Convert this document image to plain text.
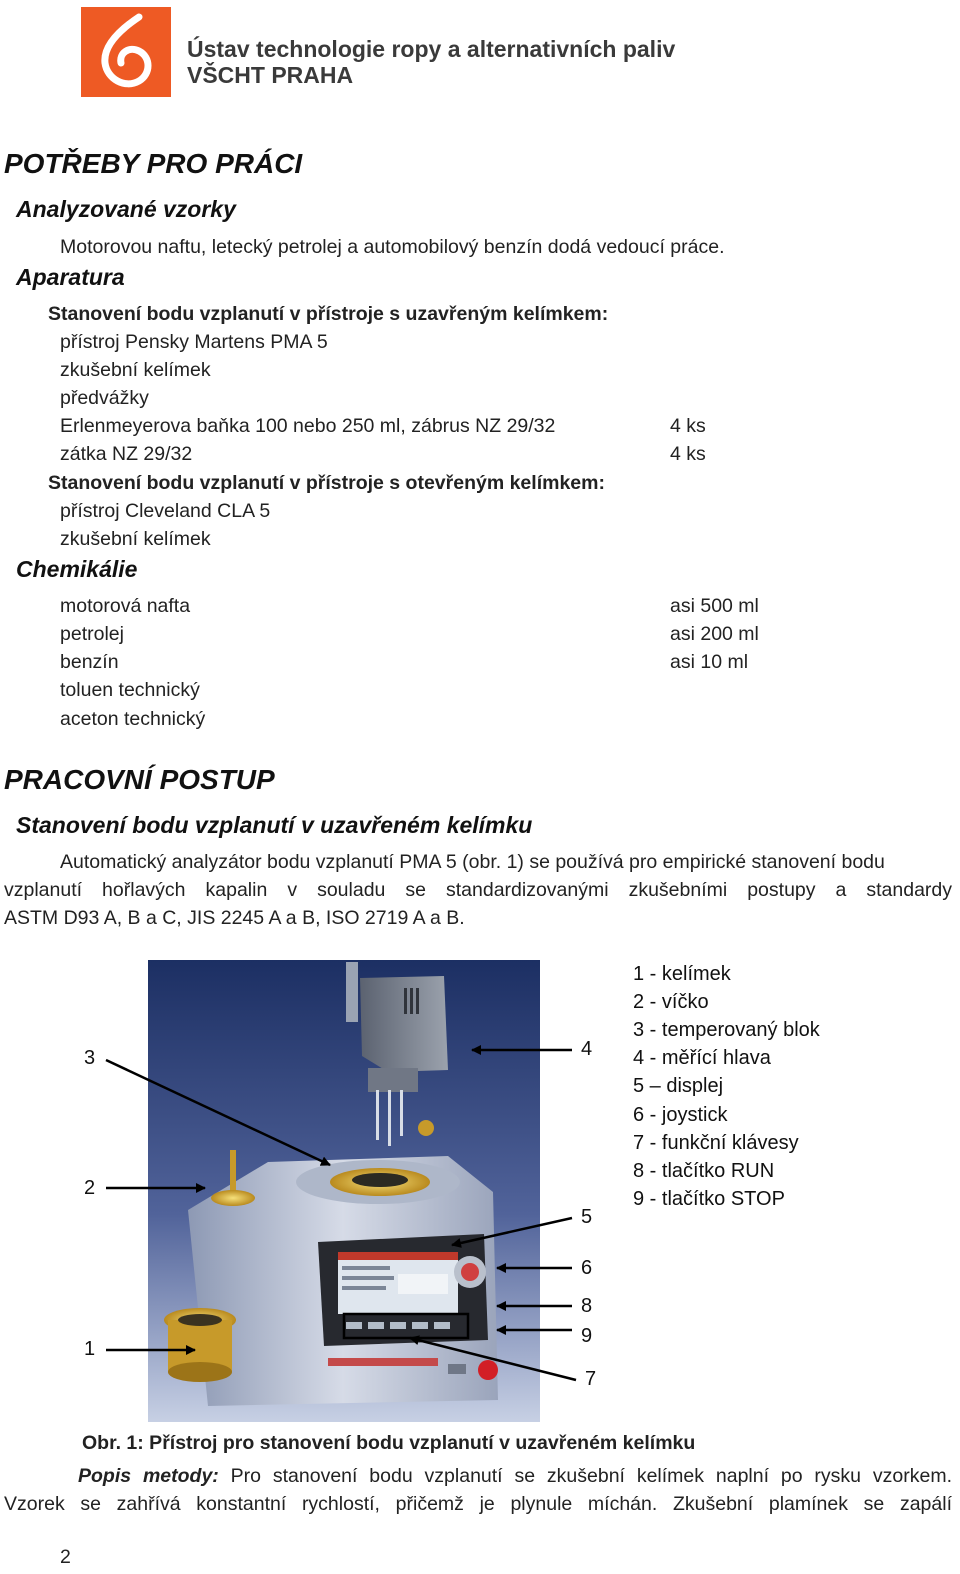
Ústav technologie ropy a alternativních paliv
VŠCHT PRAHA
POTŘEBY PRO PRÁCI
Analyzované vzorky
Motorovou naftu, letecký petrolej a automobilový benzín dodá vedoucí práce.
Aparatura
Stanovení bodu vzplanutí v přístroje s uzavřeným kelímkem:
přístroj Pensky Martens PMA 5
zkušební kelímek
předvážky
Erlenmeyerova baňka 100 nebo 250 ml, zábrus NZ 29/32	4 ks
zátka NZ 29/32	4 ks
Stanovení bodu vzplanutí v přístroje s otevřeným kelímkem:
přístroj Cleveland CLA 5
zkušební kelímek
Chemikálie
motorová nafta	asi 500 ml
petrolej	asi 200 ml
benzín	asi 10 ml
toluen technický
aceton technický
PRACOVNÍ POSTUP
Stanovení bodu vzplanutí v uzavřeném kelímku
Automatický analyzátor bodu vzplanutí PMA 5 (obr. 1) se používá pro empirické stanovení bodu
vzplanutí hořlavých kapalin v souladu se standardizovanými zkušebními postupy a standardy
ASTM D93 A, B a C, JIS 2245 A a B, ISO 2719 A a B.
3
2
1
4
5
6
8
9
7
1 - kelímek
2 - víčko
3 - temperovaný blok
4 - měřící hlava
5 – displej
6 - joystick
7 - funkční klávesy
8 - tlačítko RUN
9 - tlačítko STOP
Obr. 1: Přístroj pro stanovení bodu vzplanutí v uzavřeném kelímku
Popis metody: Pro stanovení bodu vzplanutí se zkušební kelímek naplní po rysku vzorkem.
Vzorek se zahřívá konstantní rychlostí, přičemž je plynule míchán. Zkušební plamínek se zapálí
2
